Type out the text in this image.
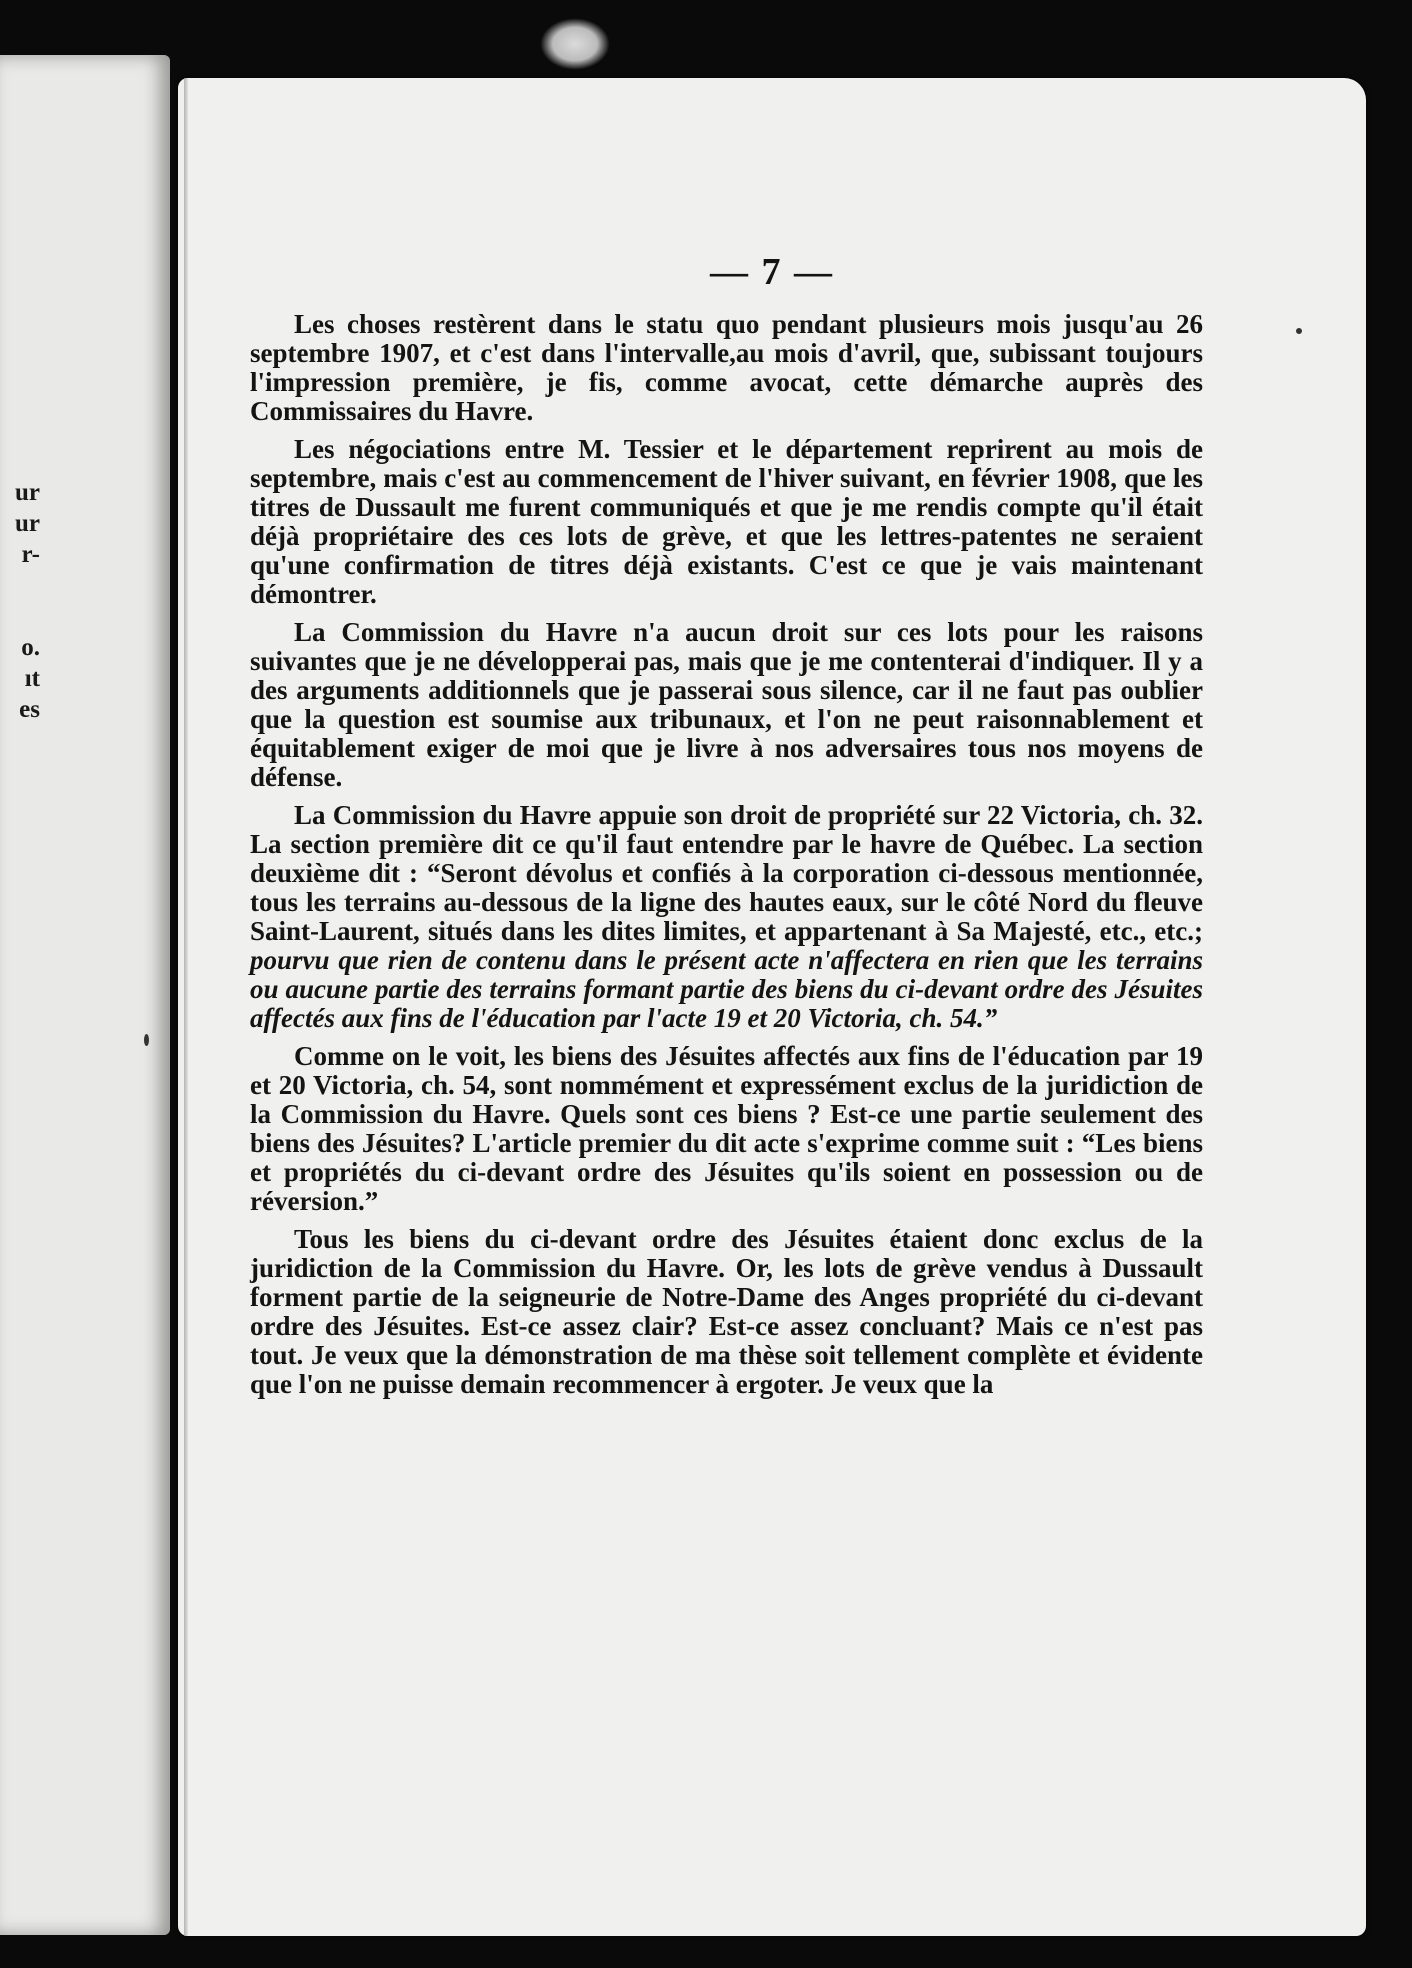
ur
ur
r-
o.
ıt
es
— 7 —

Les choses restèrent dans le statu quo pendant plusieurs mois jusqu'au 26 septembre 1907, et c'est dans l'intervalle,au mois d'avril, que, subissant toujours l'impression première, je fis, comme avocat, cette démarche auprès des Commissaires du Havre.

Les négociations entre M. Tessier et le département reprirent au mois de septembre, mais c'est au commencement de l'hiver suivant, en février 1908, que les titres de Dussault me furent communiqués et que je me rendis compte qu'il était déjà propriétaire des ces lots de grève, et que les lettres-patentes ne seraient qu'une confirmation de titres déjà existants. C'est ce que je vais maintenant démontrer.

La Commission du Havre n'a aucun droit sur ces lots pour les raisons suivantes que je ne développerai pas, mais que je me contenterai d'indiquer. Il y a des arguments additionnels que je passerai sous silence, car il ne faut pas oublier que la question est soumise aux tribunaux, et l'on ne peut raisonnablement et équitablement exiger de moi que je livre à nos adversaires tous nos moyens de défense.

La Commission du Havre appuie son droit de propriété sur 22 Victoria, ch. 32. La section première dit ce qu'il faut entendre par le havre de Québec. La section deuxième dit : “Seront dévolus et confiés à la corporation ci-dessous mentionnée, tous les terrains au-dessous de la ligne des hautes eaux, sur le côté Nord du fleuve Saint-Laurent, situés dans les dites limites, et appartenant à Sa Majesté, etc., etc.; pourvu que rien de contenu dans le présent acte n'affectera en rien que les terrains ou aucune partie des terrains formant partie des biens du ci-devant ordre des Jésuites affectés aux fins de l'éducation par l'acte 19 et 20 Victoria, ch. 54.”

Comme on le voit, les biens des Jésuites affectés aux fins de l'éducation par 19 et 20 Victoria, ch. 54, sont nommément et expressément exclus de la juridiction de la Commission du Havre. Quels sont ces biens ? Est-ce une partie seulement des biens des Jésuites? L'article premier du dit acte s'exprime comme suit : “Les biens et propriétés du ci-devant ordre des Jésuites qu'ils soient en possession ou de réversion.”

Tous les biens du ci-devant ordre des Jésuites étaient donc exclus de la juridiction de la Commission du Havre. Or, les lots de grève vendus à Dussault forment partie de la seigneurie de Notre-Dame des Anges propriété du ci-devant ordre des Jésuites. Est-ce assez clair? Est-ce assez concluant? Mais ce n'est pas tout. Je veux que la démonstration de ma thèse soit tellement complète et évidente que l'on ne puisse demain recommencer à ergoter. Je veux que la
